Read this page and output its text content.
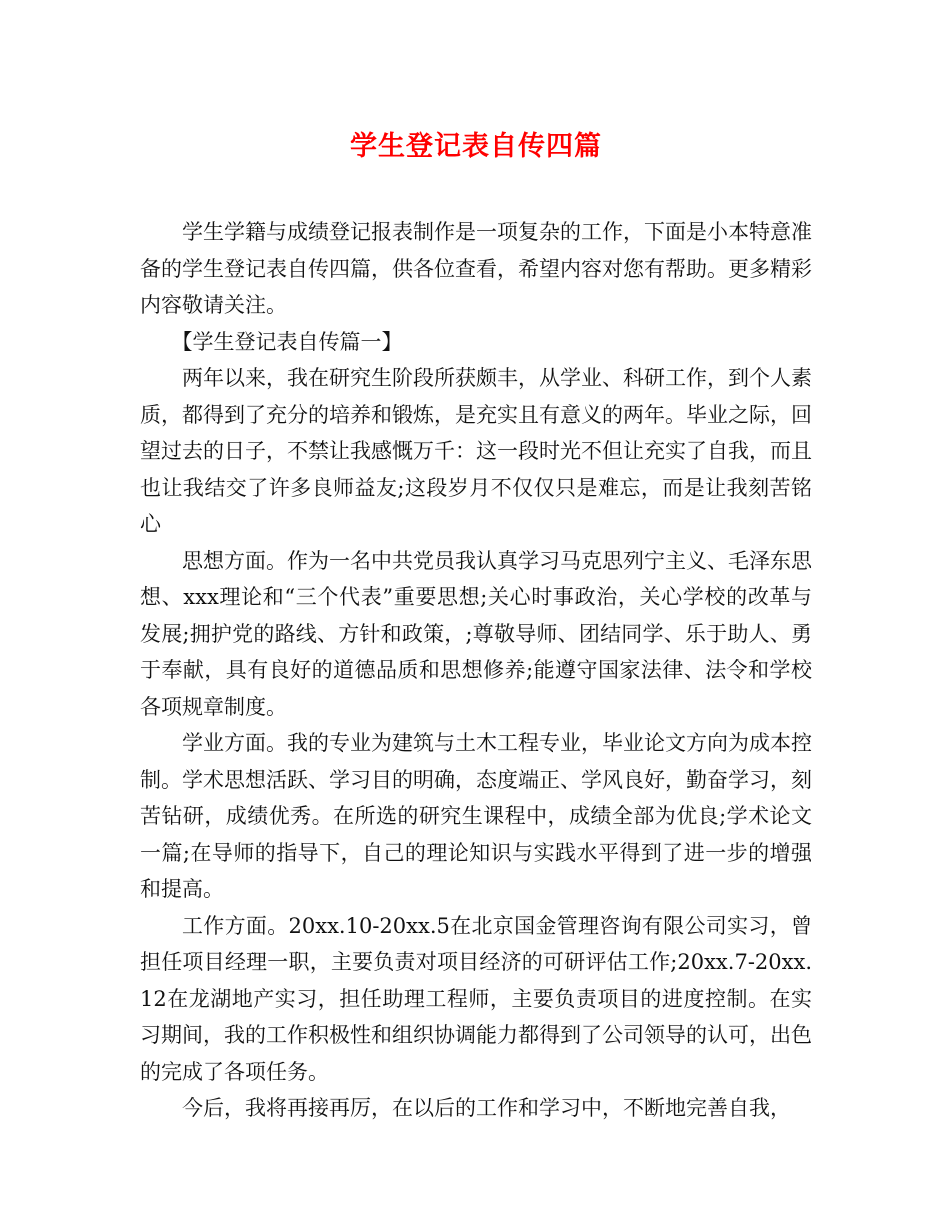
学生登记表自传四篇

学生学籍与成绩登记报表制作是一项复杂的工作，下面是小本特意准备的学生登记表自传四篇，供各位查看，希望内容对您有帮助。更多精彩内容敬请关注。

【学生登记表自传篇一】

两年以来，我在研究生阶段所获颇丰，从学业、科研工作，到个人素质，都得到了充分的培养和锻炼，是充实且有意义的两年。毕业之际，回望过去的日子，不禁让我感慨万千：这一段时光不但让充实了自我，而且也让我结交了许多良师益友;这段岁月不仅仅只是难忘，而是让我刻苦铭心

思想方面。作为一名中共党员我认真学习马克思列宁主义、毛泽东思想、xxx理论和“三个代表”重要思想;关心时事政治，关心学校的改革与发展;拥护党的路线、方针和政策，;尊敬导师、团结同学、乐于助人、勇于奉献，具有良好的道德品质和思想修养;能遵守国家法律、法令和学校各项规章制度。

学业方面。我的专业为建筑与土木工程专业，毕业论文方向为成本控制。学术思想活跃、学习目的明确，态度端正、学风良好，勤奋学习，刻苦钻研，成绩优秀。在所选的研究生课程中，成绩全部为优良;学术论文一篇;在导师的指导下，自己的理论知识与实践水平得到了进一步的增强和提高。

工作方面。20xx.10-20xx.5在北京国金管理咨询有限公司实习，曾担任项目经理一职，主要负责对项目经济的可研评估工作;20xx.7-20xx.12在龙湖地产实习，担任助理工程师，主要负责项目的进度控制。在实习期间，我的工作积极性和组织协调能力都得到了公司领导的认可，出色的完成了各项任务。

今后，我将再接再厉，在以后的工作和学习中，不断地完善自我，
